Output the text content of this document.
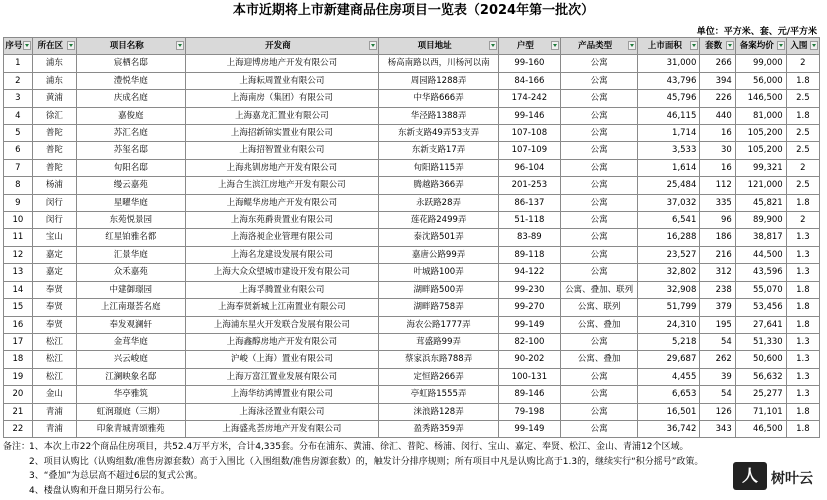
本市近期将上市新建商品住房项目一览表（2024年第一批次）
单位：平方米、套、元/平方米
序号	所在区	项目名称	开发商	项目地址	户型	产品类型	上市面积	套数	备案均价	入围

1	浦东	宸栖名邸	上海迎博房地产开发有限公司	杨高南路以西，川杨河以南	99-160	公寓	31,000	266	99,000	2
2	浦东	澧悦华庭	上海耘周置业有限公司	周园路1288弄	84-166	公寓	43,796	394	56,000	1.8
3	黄浦	庆成名庭	上海南房（集团）有限公司	中华路666弄	174-242	公寓	45,796	226	146,500	2.5
4	徐汇	嘉俊庭	上海嘉龙汇置业有限公司	华泾路1388弄	99-146	公寓	46,115	440	81,000	1.8
5	普陀	苏汇名庭	上海招新锦实置业有限公司	东新支路49弄53支弄	107-108	公寓	1,714	16	105,200	2.5
6	普陀	苏玺名邸	上海招智置业有限公司	东新支路17弄	107-109	公寓	3,533	30	105,200	2.5
7	普陀	旬阳名邸	上海兆钏房地产开发有限公司	旬阳路115弄	96-104	公寓	1,614	16	99,321	2
8	杨浦	缦云嘉苑	上海合生滨江房地产开发有限公司	腾越路366弄	201-253	公寓	25,484	112	121,000	2.5
9	闵行	星曜华庭	上海鲲华房地产开发有限公司	永跃路28弄	86-137	公寓	37,032	335	45,821	1.8
10	闵行	东苑悦景园	上海东苑爵贵置业有限公司	莲花路2499弄	51-118	公寓	6,541	96	89,900	2
11	宝山	红星铂雅名都	上海洛昶企业管理有限公司	泰沈路501弄	83-89	公寓	16,288	186	38,817	1.3
12	嘉定	汇景华庭	上海名龙建设发展有限公司	嘉唐公路99弄	89-118	公寓	23,527	216	44,500	1.3
13	嘉定	众禾嘉苑	上海大众众望城市建设开发有限公司	叶城路100弄	94-122	公寓	32,802	312	43,596	1.3
14	奉贤	中建御璟园	上海孚腾置业有限公司	湖畔路500弄	99-230	公寓、叠加、联列	32,908	238	55,070	1.8
15	奉贤	上江南璟荟名庭	上海奉贤新城上江南置业有限公司	湖畔路758弄	99-270	公寓、联列	51,799	379	53,456	1.8
16	奉贤	奉发观澜轩	上海浦东星火开发联合发展有限公司	海农公路1777弄	99-149	公寓、叠加	24,310	195	27,641	1.8
17	松江	金茸华庭	上海鑫醇房地产开发有限公司	茸盛路99弄	82-100	公寓	5,218	54	51,330	1.3
18	松江	兴云峻庭	沪峻（上海）置业有限公司	蔡家浜东路788弄	90-202	公寓、叠加	29,687	262	50,600	1.3
19	松江	江澜映象名邸	上海万富江置业发展有限公司	定恒路266弄	100-131	公寓	4,455	39	56,632	1.3
20	金山	华亭雅筑	上海华纺鸿博置业有限公司	亭虹路1555弄	89-146	公寓	6,653	54	25,277	1.3
21	青浦	虹润璟庭（三期）	上海泳泾置业有限公司	涞浪路128弄	79-198	公寓	16,501	126	71,101	1.8
22	青浦	印象青城青颂雅苑	上海盛兆荟房地产开发有限公司	盈秀路359弄	99-149	公寓	36,742	343	46,500	1.8
备注：1、本次上市22个商品住房项目，共52.4万平方米，合计4,335套。分布在浦东、黄浦、徐汇、普陀、杨浦、闵行、宝山、嘉定、奉贤、松江、金山、青浦12个区域。
2、项目认购比（认购组数/准售房源套数）高于入围比（入围组数/准售房源套数）的，触发计分排序规则；所有项目中凡是认购比高于1.3的，继续实行“积分摇号”政策。
3、“叠加”为总层高不超过6层的复式公寓。
4、楼盘认购和开盘日期另行公布。
人 树叶云
